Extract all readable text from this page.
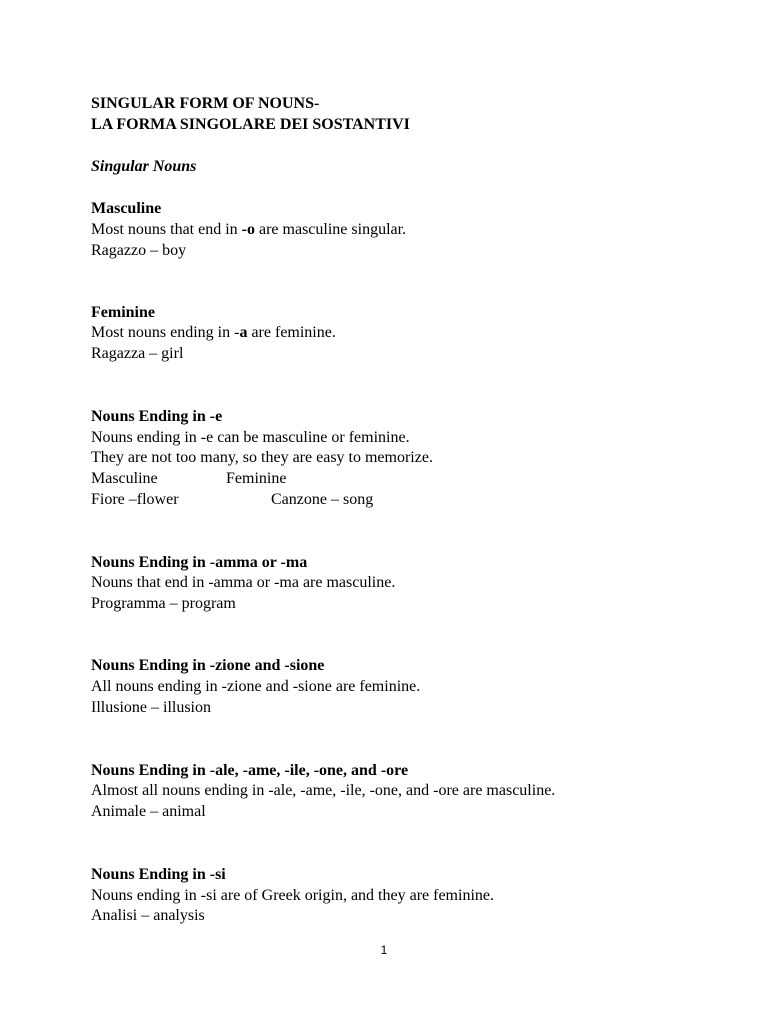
SINGULAR FORM OF NOUNS-
LA FORMA SINGOLARE DEI SOSTANTIVI
Singular Nouns
Masculine
Most nouns that end in -o are masculine singular.
Ragazzo – boy
Feminine
Most nouns ending in -a are feminine.
Ragazza – girl
Nouns Ending in -e
Nouns ending in -e can be masculine or feminine.
They are not too many, so they are easy to memorize.
Masculine	Feminine
Fiore –flower	Canzone – song
Nouns Ending in -amma or -ma
Nouns that end in -amma or -ma are masculine.
Programma – program
Nouns Ending in -zione and -sione
All nouns ending in -zione and -sione are feminine.
Illusione – illusion
Nouns Ending in -ale, -ame, -ile, -one, and -ore
Almost all nouns ending in -ale, -ame, -ile, -one, and -ore are masculine.
Animale – animal
Nouns Ending in -si
Nouns ending in -si are of Greek origin, and they are feminine.
Analisi – analysis
1
